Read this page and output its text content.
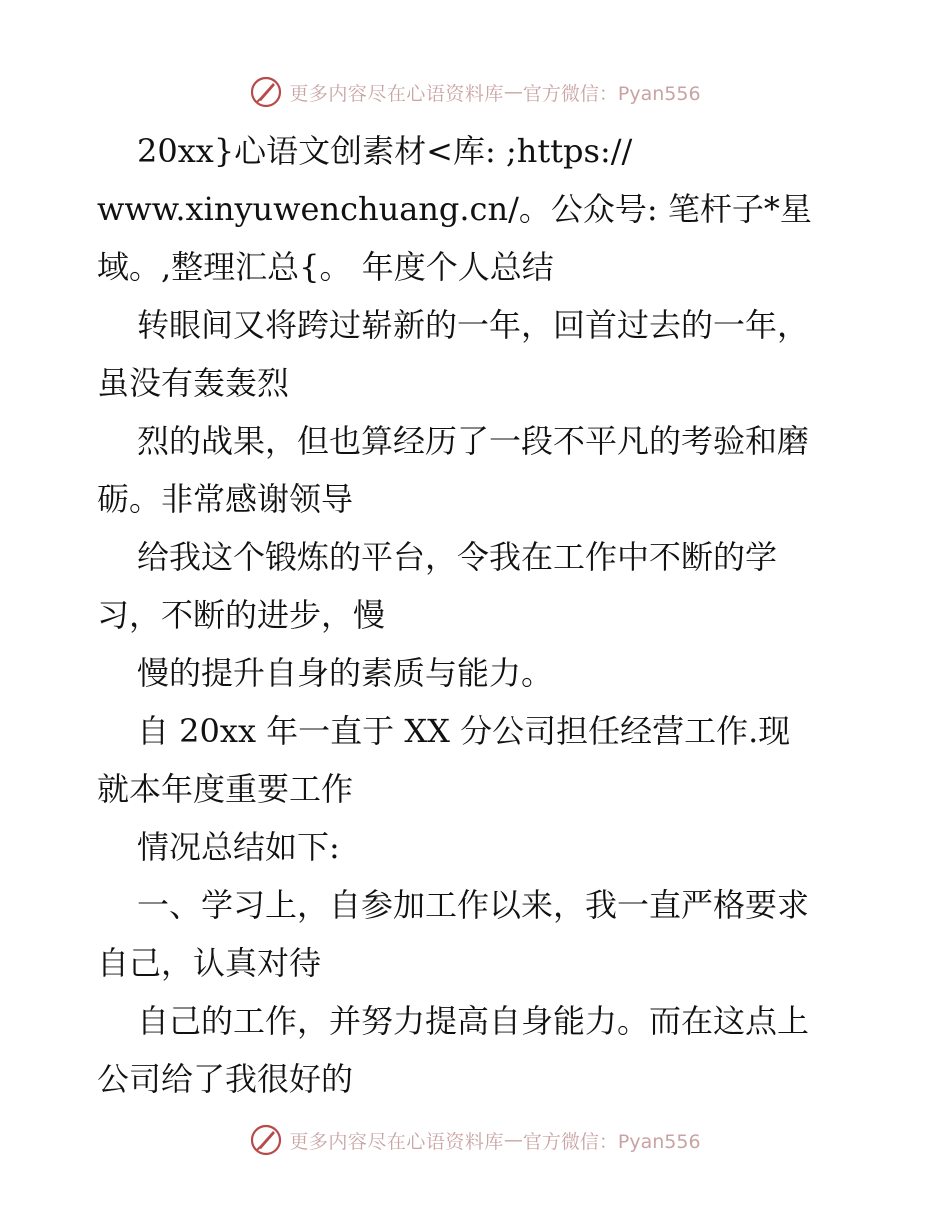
更多内容尽在心语资料库 — 官方微信：Pyan556
20xx}心语文创素材<库: ;https://
www.xinyuwenchuang.cn/。公众号: 笔杆子*星
域。,整理汇总{。 年度个人总结
转眼间又将跨过崭新的一年，回首过去的一年，
虽没有轰轰烈
烈的战果，但也算经历了一段不平凡的考验和磨
砺。非常感谢领导
给我这个锻炼的平台，令我在工作中不断的学
习，不断的进步，慢
慢的提升自身的素质与能力。
自 20xx 年一直于 XX 分公司担任经营工作.现
就本年度重要工作
情况总结如下:
一、学习上，自参加工作以来，我一直严格要求
自己，认真对待
自己的工作，并努力提高自身能力。而在这点上
公司给了我很好的
更多内容尽在心语资料库 — 官方微信：Pyan556
